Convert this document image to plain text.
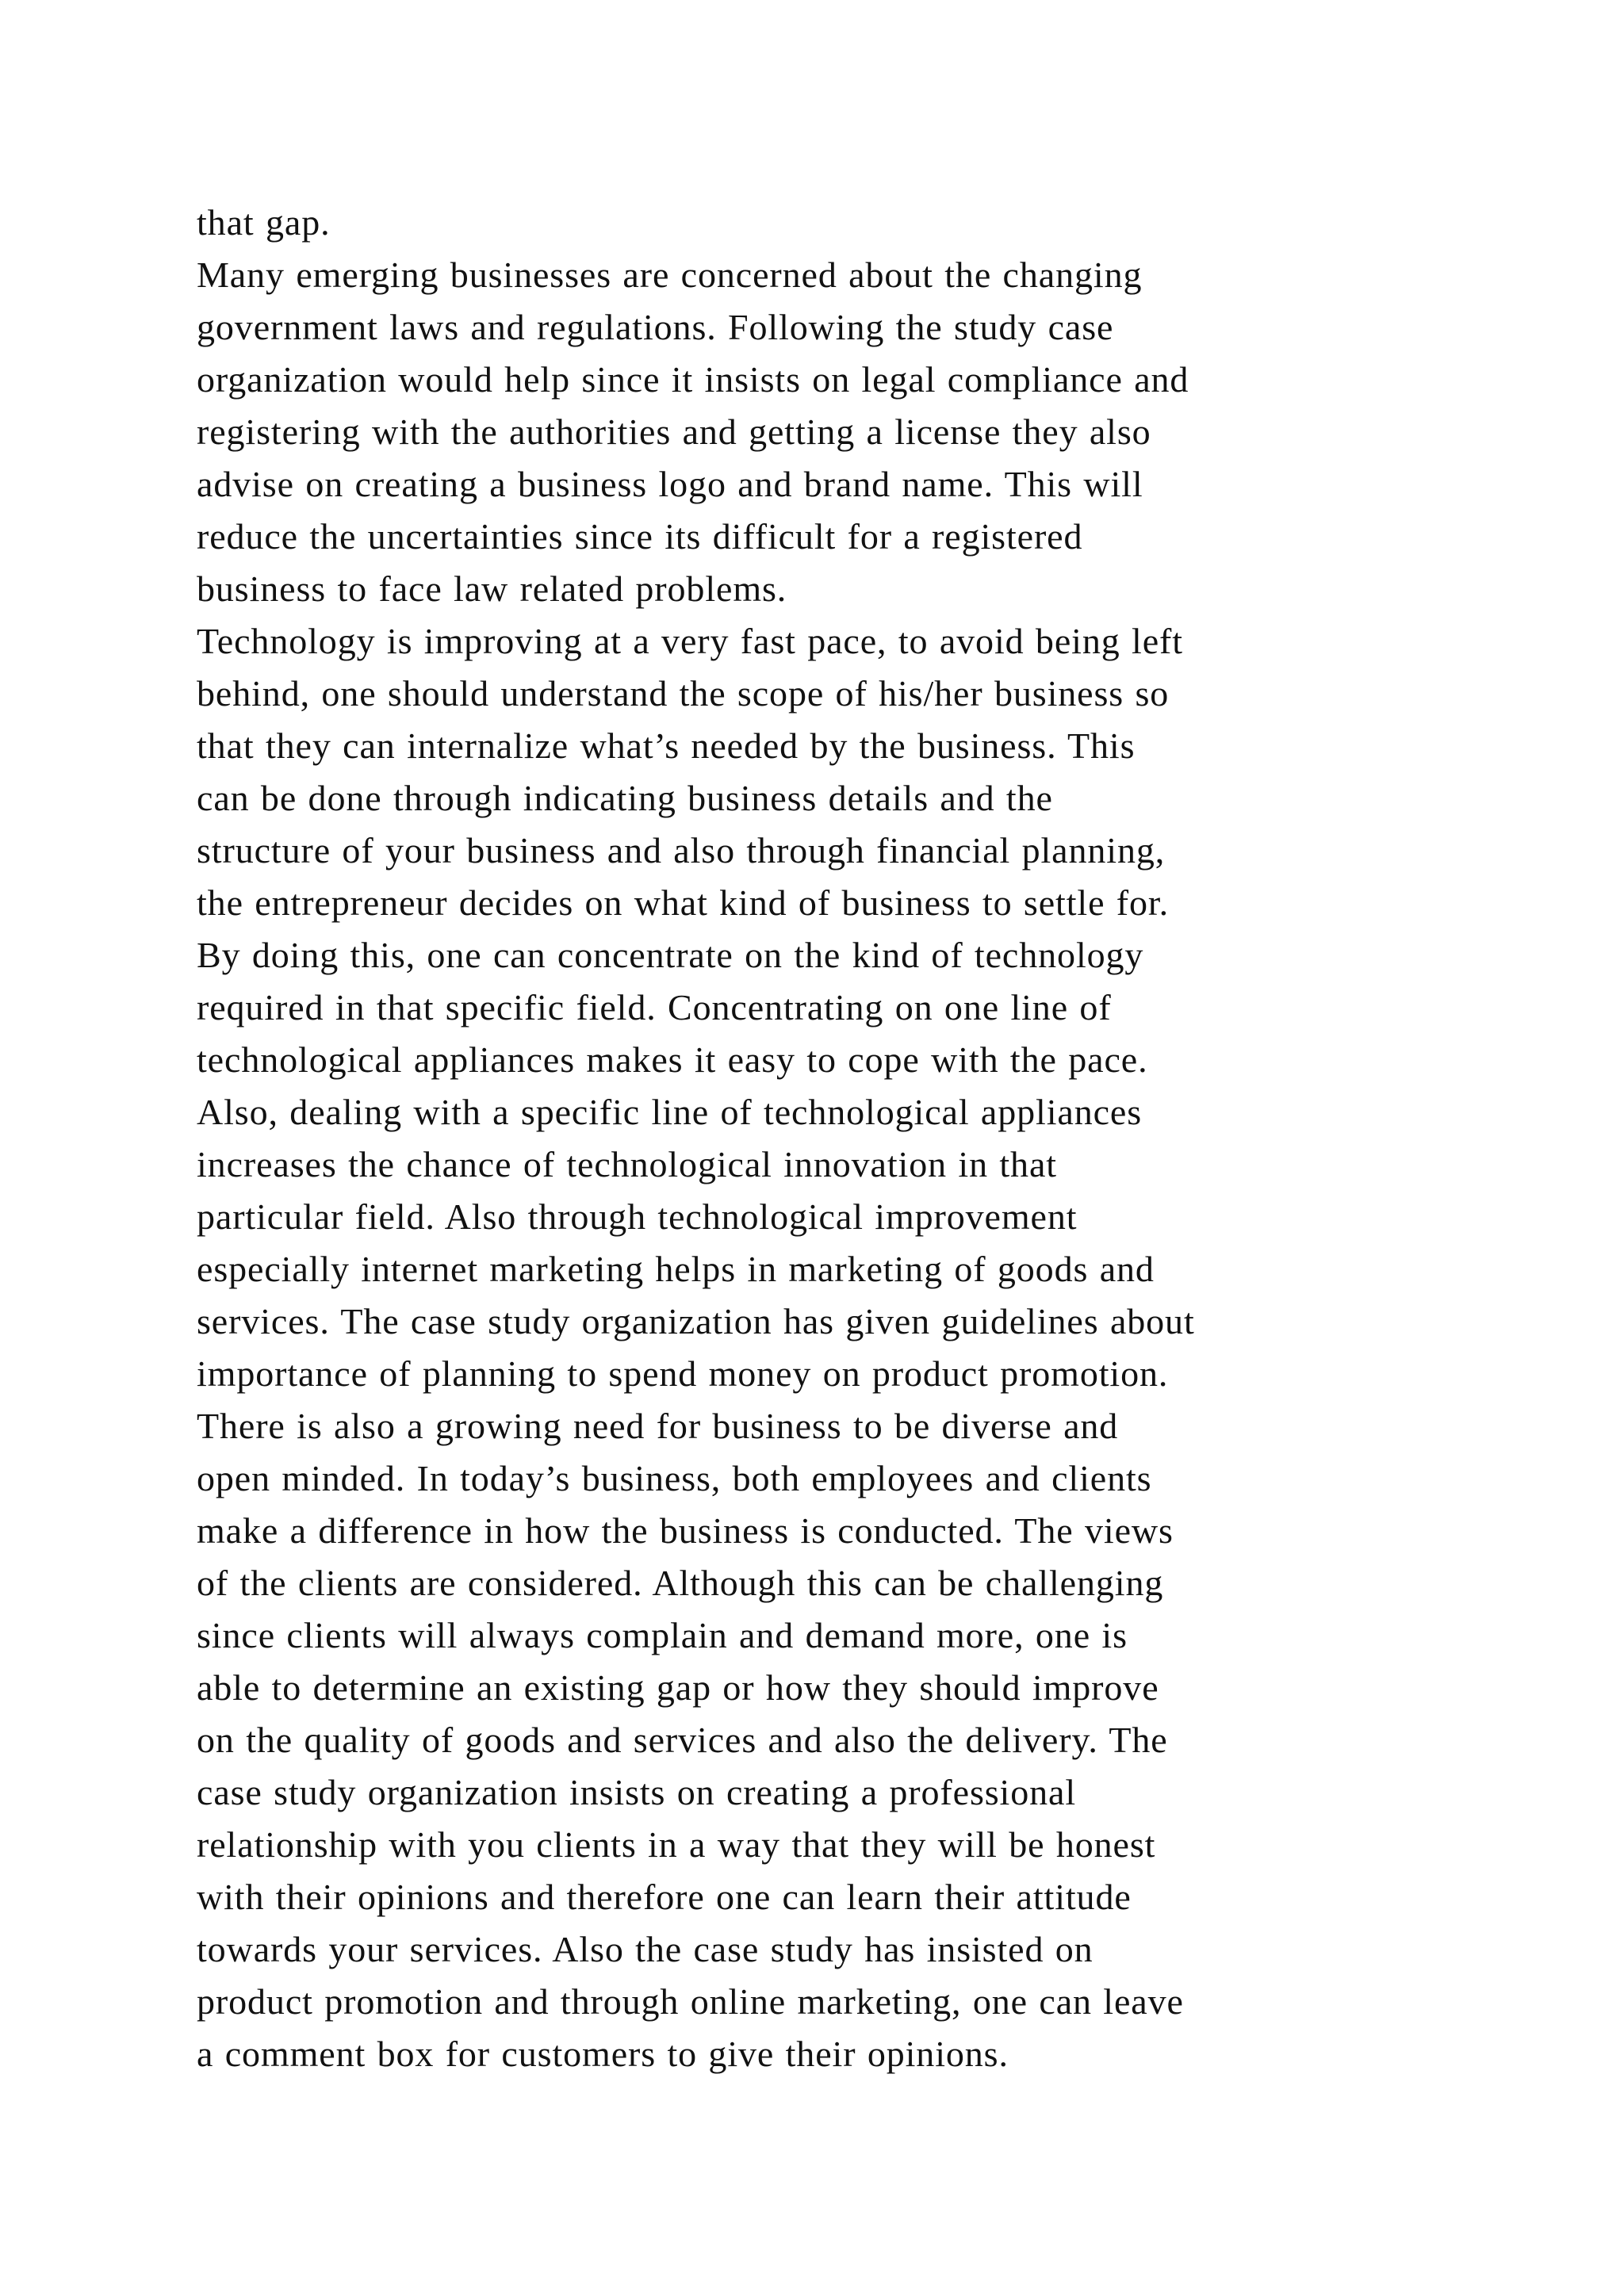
that gap.
Many emerging businesses are concerned about the changing
government laws and regulations. Following the study case
organization would help since it insists on legal compliance and
registering with the authorities and getting a license they also
advise on creating a business logo and brand name. This will
reduce the uncertainties since its difficult for a registered
business to face law related problems.
Technology is improving at a very fast pace, to avoid being left
behind, one should understand the scope of his/her business so
that they can internalize what’s needed by the business. This
can be done through indicating business details and the
structure of your business and also through financial planning,
the entrepreneur decides on what kind of business to settle for.
By doing this, one can concentrate on the kind of technology
required in that specific field. Concentrating on one line of
technological appliances makes it easy to cope with the pace.
Also, dealing with a specific line of technological appliances
increases the chance of technological innovation in that
particular field. Also through technological improvement
especially internet marketing helps in marketing of goods and
services. The case study organization has given guidelines about
importance of planning to spend money on product promotion.
There is also a growing need for business to be diverse and
open minded. In today’s business, both employees and clients
make a difference in how the business is conducted. The views
of the clients are considered. Although this can be challenging
since clients will always complain and demand more, one is
able to determine an existing gap or how they should improve
on the quality of goods and services and also the delivery. The
case study organization insists on creating a professional
relationship with you clients in a way that they will be honest
with their opinions and therefore one can learn their attitude
towards your services. Also the case study has insisted on
product promotion and through online marketing, one can leave
a comment box for customers to give their opinions.
